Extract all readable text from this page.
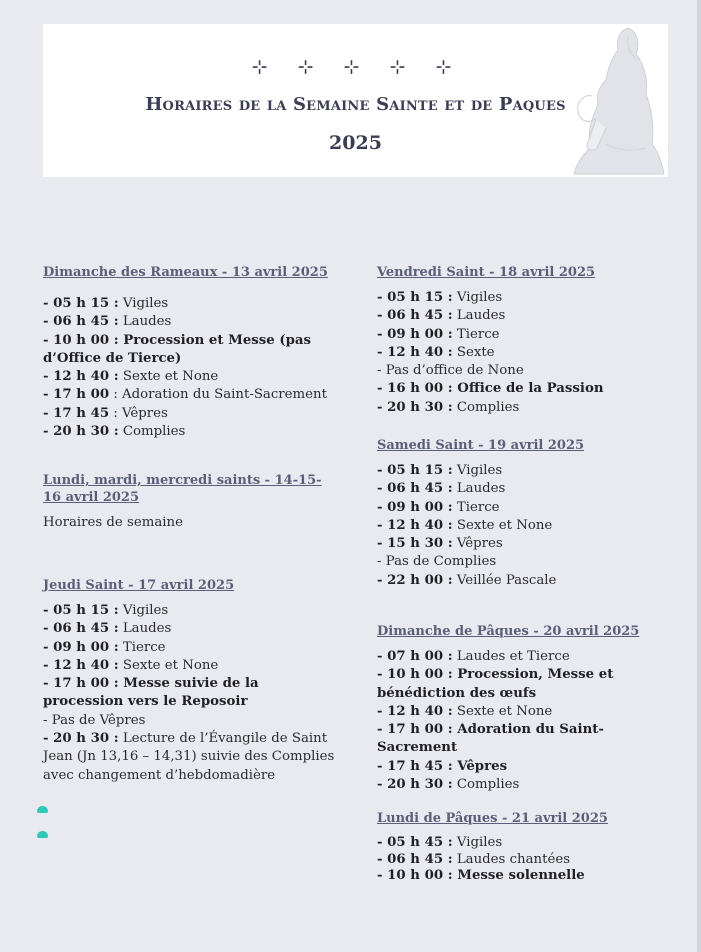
⊹ ⊹ ⊹ ⊹ ⊹
Horaires de la Semaine Sainte et de Paques
2025

Dimanche des Rameaux - 13 avril 2025

- 05 h 15 : Vigiles

- 06 h 45 : Laudes

- 10 h 00 : Procession et Messe (pas d’Office de Tierce)

- 12 h 40 : Sexte et None

- 17 h 00 : Adoration du Saint-Sacrement

- 17 h 45 : Vêpres

- 20 h 30 : Complies

Lundi, mardi, mercredi saints - 14-15-16 avril 2025

Horaires de semaine

Jeudi Saint - 17 avril 2025

- 05 h 15 : Vigiles

- 06 h 45 : Laudes

- 09 h 00 : Tierce

- 12 h 40 : Sexte et None

- 17 h 00 : Messe suivie de la procession vers le Reposoir

- Pas de Vêpres

- 20 h 30 : Lecture de l’Évangile de Saint Jean (Jn 13,16 – 14,31) suivie des Complies avec changement d’hebdomadière

Vendredi Saint - 18 avril 2025

- 05 h 15 : Vigiles

- 06 h 45 : Laudes

- 09 h 00 : Tierce

- 12 h 40 : Sexte

- Pas d’office de None

- 16 h 00 : Office de la Passion

- 20 h 30 : Complies

Samedi Saint - 19 avril 2025

- 05 h 15 : Vigiles

- 06 h 45 : Laudes

- 09 h 00 : Tierce

- 12 h 40 : Sexte et None

- 15 h 30 : Vêpres

- Pas de Complies

- 22 h 00 : Veillée Pascale

Dimanche de Pâques - 20 avril 2025

- 07 h 00 : Laudes et Tierce

- 10 h 00 : Procession, Messe et bénédiction des œufs

- 12 h 40 : Sexte et None

- 17 h 00 : Adoration du Saint-Sacrement

- 17 h 45 : Vêpres

- 20 h 30 : Complies

Lundi de Pâques - 21 avril 2025

- 05 h 45 : Vigiles

- 06 h 45 : Laudes chantées

- 10 h 00 : Messe solennelle
